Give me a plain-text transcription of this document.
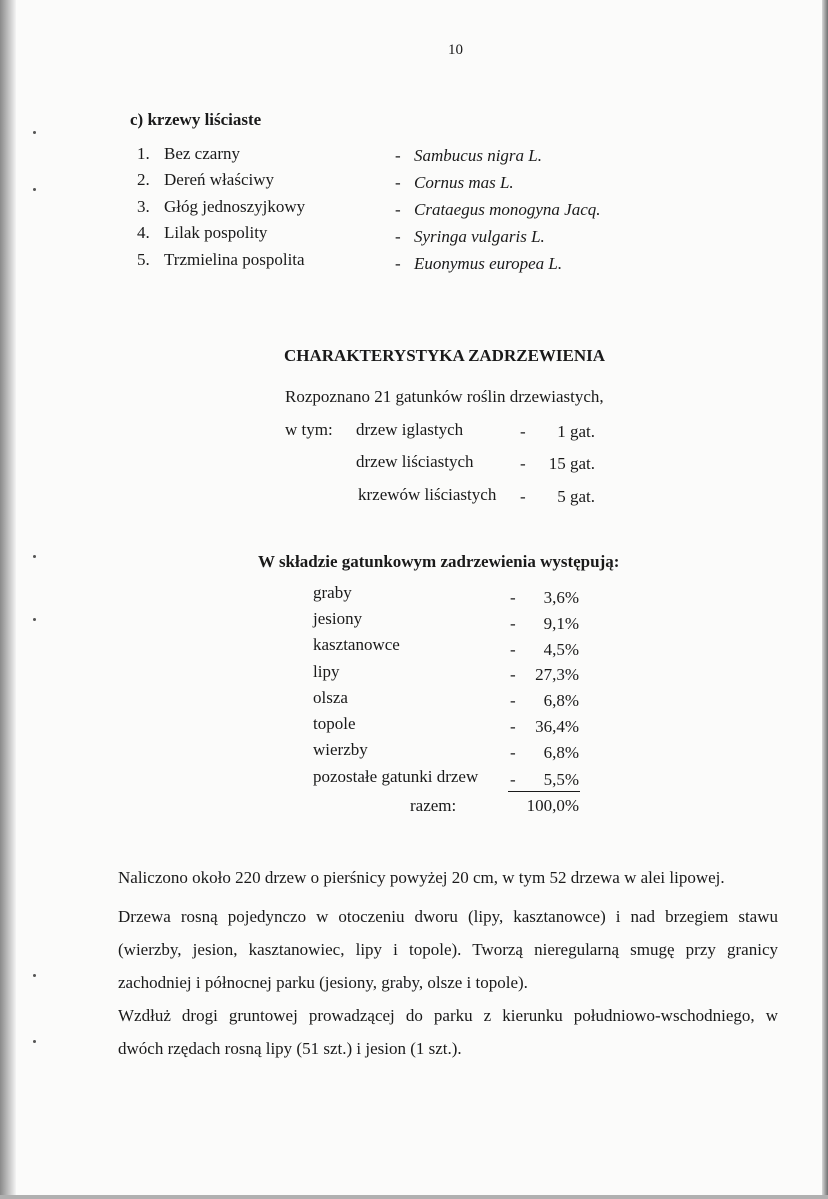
10
c) krzewy liściaste
1. Bez czarny	- Sambucus nigra L.
2. Dereń właściwy	- Cornus mas L.
3. Głóg jednoszyjkowy	- Crataegus monogyna Jacq.
4. Lilak pospolity	- Syringa vulgaris L.
5. Trzmielina pospolita	- Euonymus europea L.
CHARAKTERYSTYKA ZADRZEWIENIA
Rozpoznano 21 gatunków roślin drzewiastych,
w tym: drzew iglastych	-	1 gat.
drzew liściastych	-	15 gat.
krzewów liściastych -	5 gat.
W składzie gatunkowym zadrzewienia występują:
graby	-	3,6%
jesiony	-	9,1%
kasztanowce	-	4,5%
lipy	-	27,3%
olsza	-	6,8%
topole	-	36,4%
wierzby	-	6,8%
pozostałe gatunki drzew -	5,5%
razem:	100,0%
Naliczono około 220 drzew o pierśnicy powyżej 20 cm, w tym 52 drzewa w alei lipowej.
Drzewa rosną pojedynczo w otoczeniu dworu (lipy, kasztanowce) i nad brzegiem stawu
(wierzby, jesion, kasztanowiec, lipy i topole). Tworzą nieregularną smugę przy granicy
zachodniej i północnej parku (jesiony, graby, olsze i topole).
Wzdłuż drogi gruntowej prowadzącej do parku z kierunku południowo-wschodniego, w
dwóch rzędach rosną lipy (51 szt.) i jesion (1 szt.).
